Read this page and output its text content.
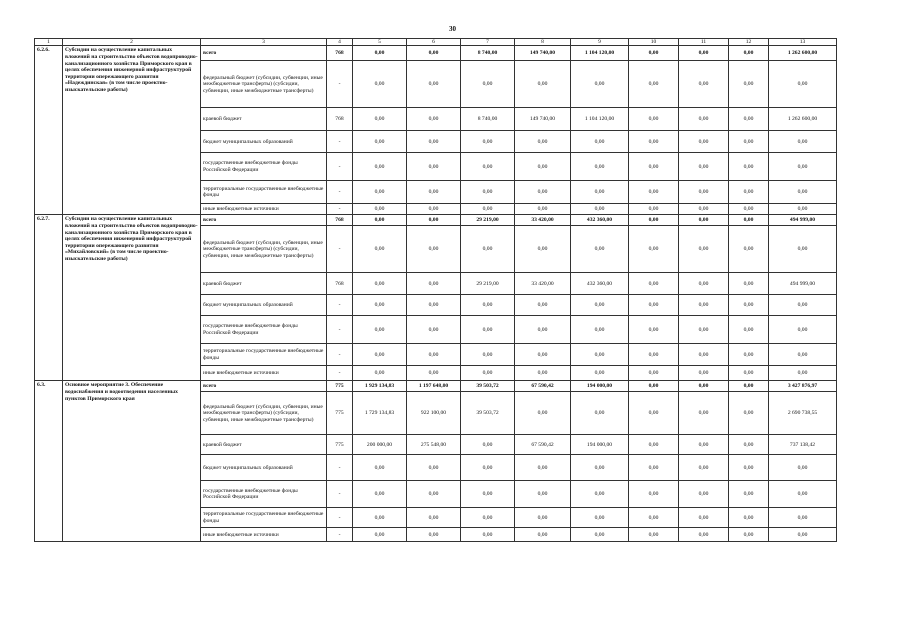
30
1	2	3	4	5	6	7	8	9	10	11	12	13
6.2.6.	Субсидии на осуществление капитальных вложений на строительство объектов водопроводно-канализационного хозяйства Приморского края в целях обеспечения инженерной инфраструктурой территории опережающего развития «Надеждинская» (в том числе проектно-изыскательские работы)	всего	768	0,00	0,00	8 740,00	149 740,00	1 104 120,00	0,00	0,00	0,00	1 262 600,00
		федеральный бюджет (субсидии, субвенции, иные межбюджетные трансферты) (субсидии, субвенции, иные межбюджетные трансферты)	-	0,00	0,00	0,00	0,00	0,00	0,00	0,00	0,00	0,00
		краевой бюджет	768	0,00	0,00	8 740,00	149 740,00	1 104 120,00	0,00	0,00	0,00	1 262 600,00
		бюджет муниципальных образований	-	0,00	0,00	0,00	0,00	0,00	0,00	0,00	0,00	0,00
		государственные внебюджетные фонды Российской Федерации	-	0,00	0,00	0,00	0,00	0,00	0,00	0,00	0,00	0,00
		территориальные государственные внебюджетные фонды	-	0,00	0,00	0,00	0,00	0,00	0,00	0,00	0,00	0,00
		иные внебюджетные источники	-	0,00	0,00	0,00	0,00	0,00	0,00	0,00	0,00	0,00
6.2.7.	Субсидии на осуществление капитальных вложений на строительство объектов водопроводно-канализационного хозяйства Приморского края в целях обеспечения инженерной инфраструктурой территории опережающего развития «Михайловский» (в том числе проектно-изыскательские работы)	всего	768	0,00	0,00	29 219,00	33 420,00	432 360,00	0,00	0,00	0,00	494 999,00
		федеральный бюджет (субсидии, субвенции, иные межбюджетные трансферты) (субсидии, субвенции, иные межбюджетные трансферты)	-	0,00	0,00	0,00	0,00	0,00	0,00	0,00	0,00	0,00
		краевой бюджет	768	0,00	0,00	29 219,00	33 420,00	432 360,00	0,00	0,00	0,00	494 999,00
		бюджет муниципальных образований	-	0,00	0,00	0,00	0,00	0,00	0,00	0,00	0,00	0,00
		государственные внебюджетные фонды Российской Федерации	-	0,00	0,00	0,00	0,00	0,00	0,00	0,00	0,00	0,00
		территориальные государственные внебюджетные фонды	-	0,00	0,00	0,00	0,00	0,00	0,00	0,00	0,00	0,00
		иные внебюджетные источники	-	0,00	0,00	0,00	0,00	0,00	0,00	0,00	0,00	0,00
6.3.	Основное мероприятие 3. Обеспечение водоснабжения и водоотведения населенных пунктов Приморского края	всего	775	1 929 134,83	1 197 648,00	39 503,72	67 590,42	194 000,00	0,00	0,00	0,00	3 427 876,97
		федеральный бюджет (субсидии, субвенции, иные межбюджетные трансферты) (субсидии, субвенции, иные межбюджетные трансферты)	775	1 729 134,83	922 100,00	39 503,72	0,00	0,00	0,00	0,00	0,00	2 690 738,55
		краевой бюджет	775	200 000,00	275 548,00	0,00	67 590,42	194 000,00	0,00	0,00	0,00	737 138,42
		бюджет муниципальных образований	-	0,00	0,00	0,00	0,00	0,00	0,00	0,00	0,00	0,00
		государственные внебюджетные фонды Российской Федерации	-	0,00	0,00	0,00	0,00	0,00	0,00	0,00	0,00	0,00
		территориальные государственные внебюджетные фонды	-	0,00	0,00	0,00	0,00	0,00	0,00	0,00	0,00	0,00
		иные внебюджетные источники	-	0,00	0,00	0,00	0,00	0,00	0,00	0,00	0,00	0,00
